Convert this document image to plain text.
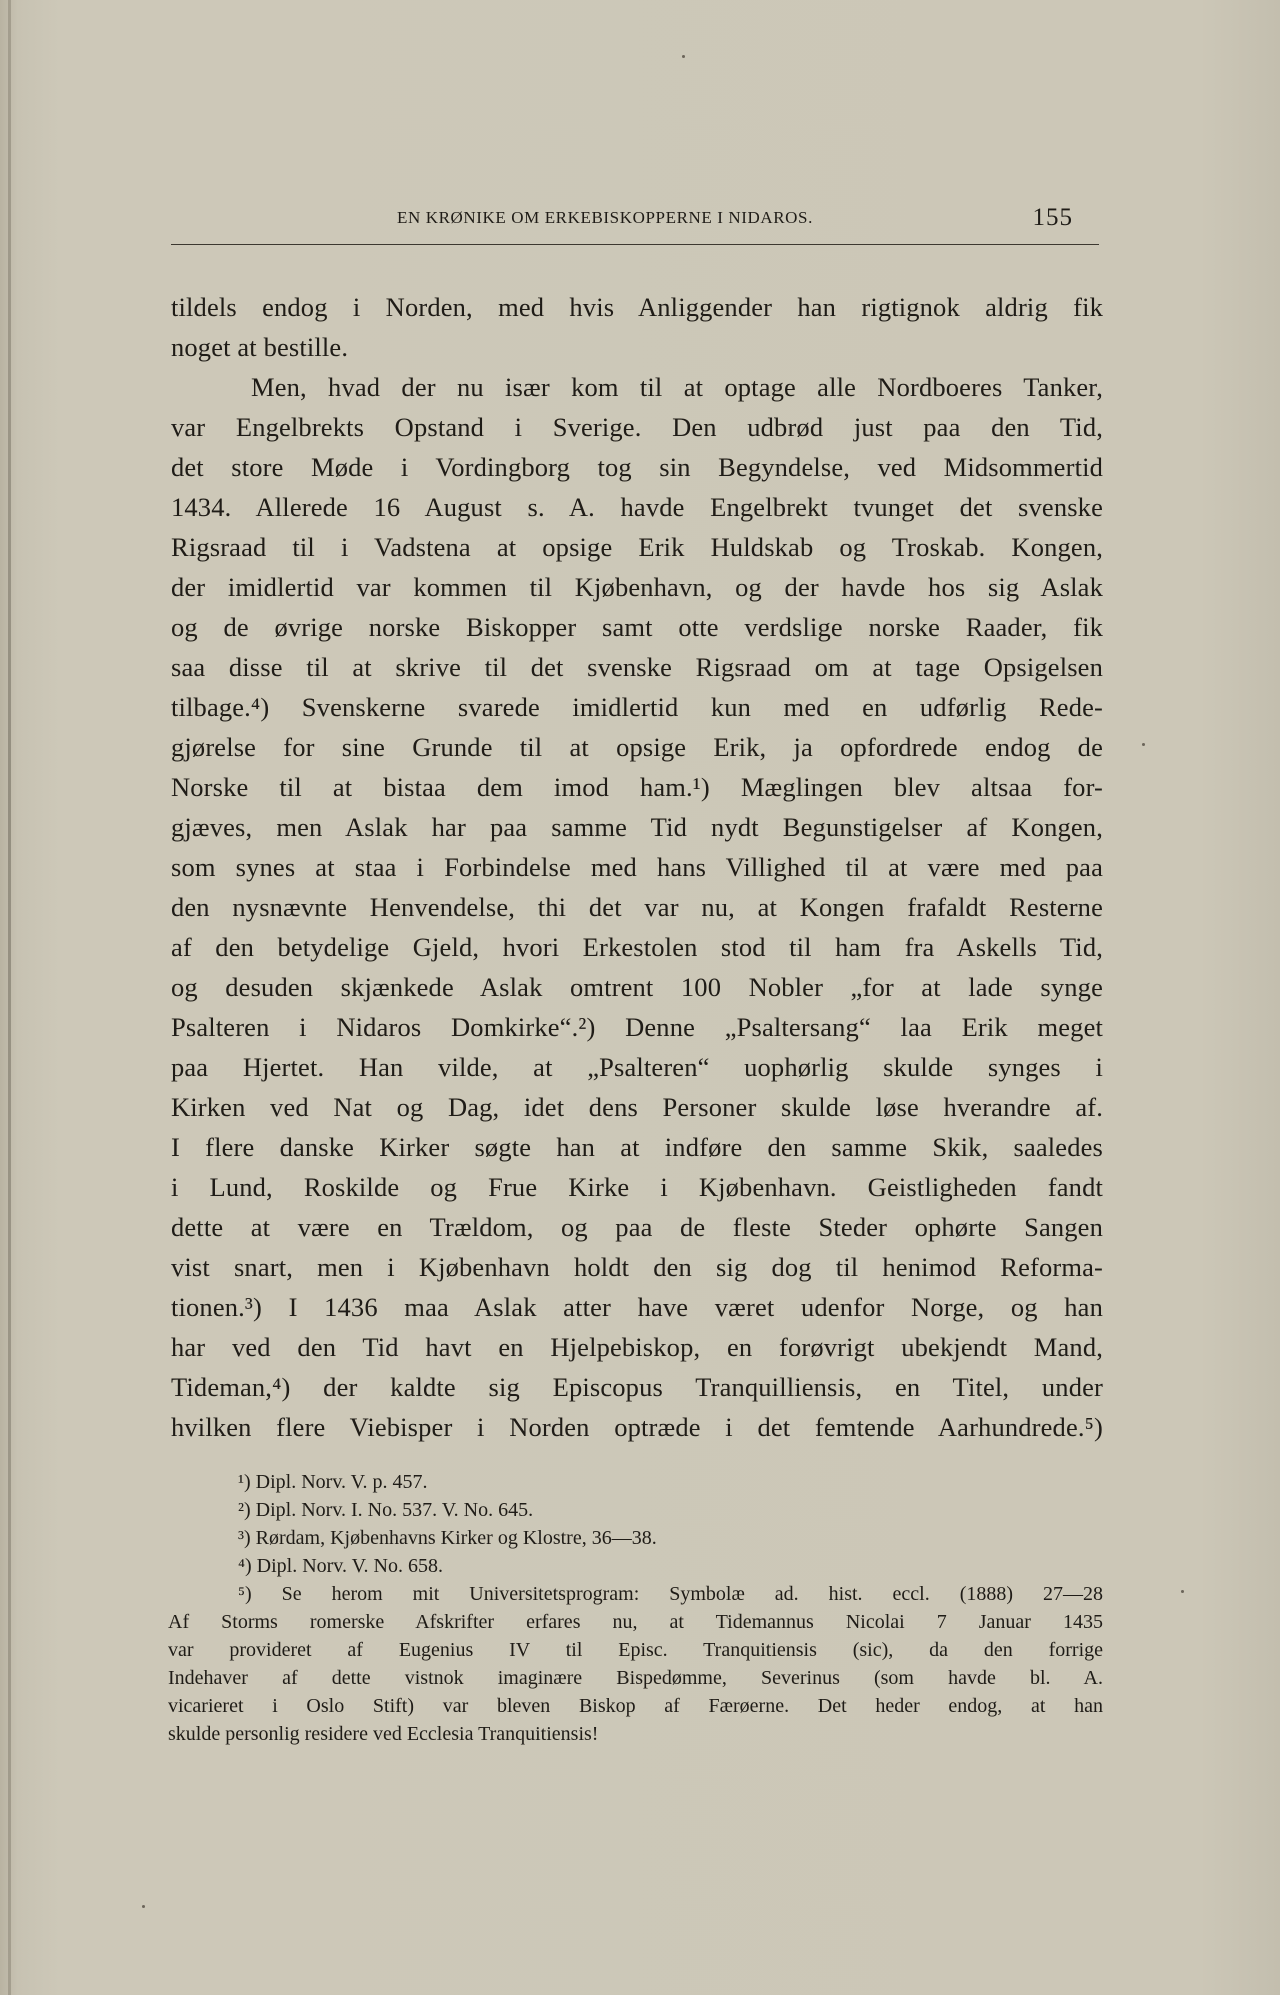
EN KRØNIKE OM ERKEBISKOPPERNE I NIDAROS.	155
tildels endog i Norden, med hvis Anliggender han rigtignok aldrig fik
noget at bestille.
Men, hvad der nu især kom til at optage alle Nordboeres Tanker,
var Engelbrekts Opstand i Sverige. Den udbrød just paa den Tid,
det store Møde i Vordingborg tog sin Begyndelse, ved Midsommertid
1434. Allerede 16 August s. A. havde Engelbrekt tvunget det svenske
Rigsraad til i Vadstena at opsige Erik Huldskab og Troskab. Kongen,
der imidlertid var kommen til Kjøbenhavn, og der havde hos sig Aslak
og de øvrige norske Biskopper samt otte verdslige norske Raader, fik
saa disse til at skrive til det svenske Rigsraad om at tage Opsigelsen
tilbage.⁴) Svenskerne svarede imidlertid kun med en udførlig Rede-
gjørelse for sine Grunde til at opsige Erik, ja opfordrede endog de
Norske til at bistaa dem imod ham.¹) Mæglingen blev altsaa for-
gjæves, men Aslak har paa samme Tid nydt Begunstigelser af Kongen,
som synes at staa i Forbindelse med hans Villighed til at være med paa
den nysnævnte Henvendelse, thi det var nu, at Kongen frafaldt Resterne
af den betydelige Gjeld, hvori Erkestolen stod til ham fra Askells Tid,
og desuden skjænkede Aslak omtrent 100 Nobler „for at lade synge
Psalteren i Nidaros Domkirke“.²) Denne „Psaltersang“ laa Erik meget
paa Hjertet. Han vilde, at „Psalteren“ uophørlig skulde synges i
Kirken ved Nat og Dag, idet dens Personer skulde løse hverandre af.
I flere danske Kirker søgte han at indføre den samme Skik, saaledes
i Lund, Roskilde og Frue Kirke i Kjøbenhavn. Geistligheden fandt
dette at være en Trældom, og paa de fleste Steder ophørte Sangen
vist snart, men i Kjøbenhavn holdt den sig dog til henimod Reforma-
tionen.³) I 1436 maa Aslak atter have været udenfor Norge, og han
har ved den Tid havt en Hjelpebiskop, en forøvrigt ubekjendt Mand,
Tideman,⁴) der kaldte sig Episcopus Tranquilliensis, en Titel, under
hvilken flere Viebisper i Norden optræde i det femtende Aarhundrede.⁵)
¹) Dipl. Norv. V. p. 457.
²) Dipl. Norv. I. No. 537. V. No. 645.
³) Rørdam, Kjøbenhavns Kirker og Klostre, 36—38.
⁴) Dipl. Norv. V. No. 658.
⁵) Se herom mit Universitetsprogram: Symbolæ ad. hist. eccl. (1888) 27—28
Af Storms romerske Afskrifter erfares nu, at Tidemannus Nicolai 7 Januar 1435
var provideret af Eugenius IV til Episc. Tranquitiensis (sic), da den forrige
Indehaver af dette vistnok imaginære Bispedømme, Severinus (som havde bl. A.
vicarieret i Oslo Stift) var bleven Biskop af Færøerne. Det heder endog, at han
skulde personlig residere ved Ecclesia Tranquitiensis!
